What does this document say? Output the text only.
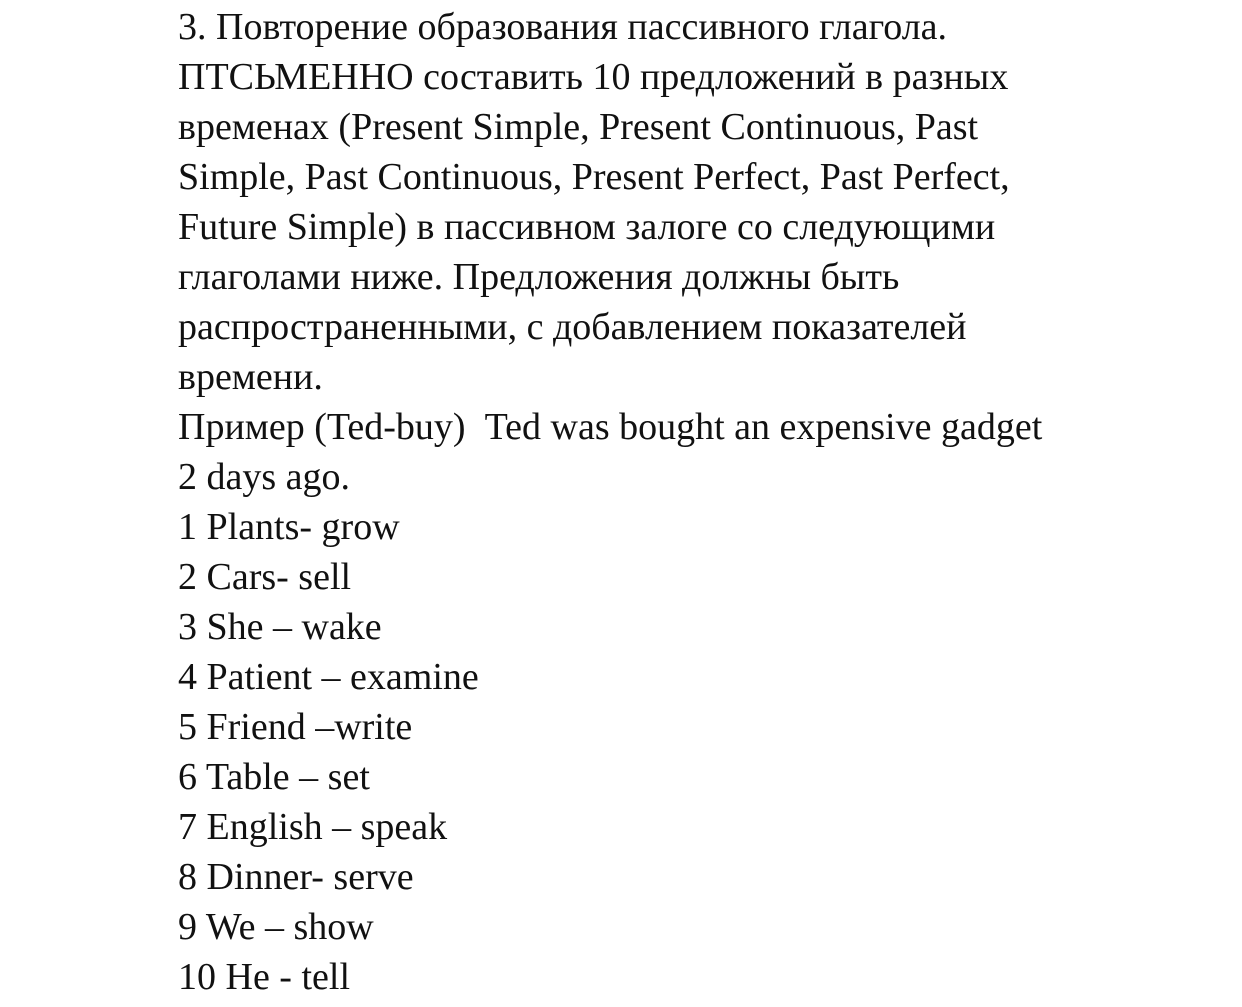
3. Повторение образования пассивного глагола.
ПТСЬМЕННО составить 10 предложений в разных
временах (Present Simple, Present Continuous, Past
Simple, Past Continuous, Present Perfect, Past Perfect,
Future Simple) в пассивном залоге со следующими
глаголами ниже. Предложения должны быть
распространенными, с добавлением показателей
времени.
Пример (Ted-buy)  Ted was bought an expensive gadget
2 days ago.
1 Plants- grow
2 Cars- sell
3 She – wake
4 Patient – examine
5 Friend –write
6 Table – set
7 English – speak
8 Dinner- serve
9 We – show
10 He - tell
